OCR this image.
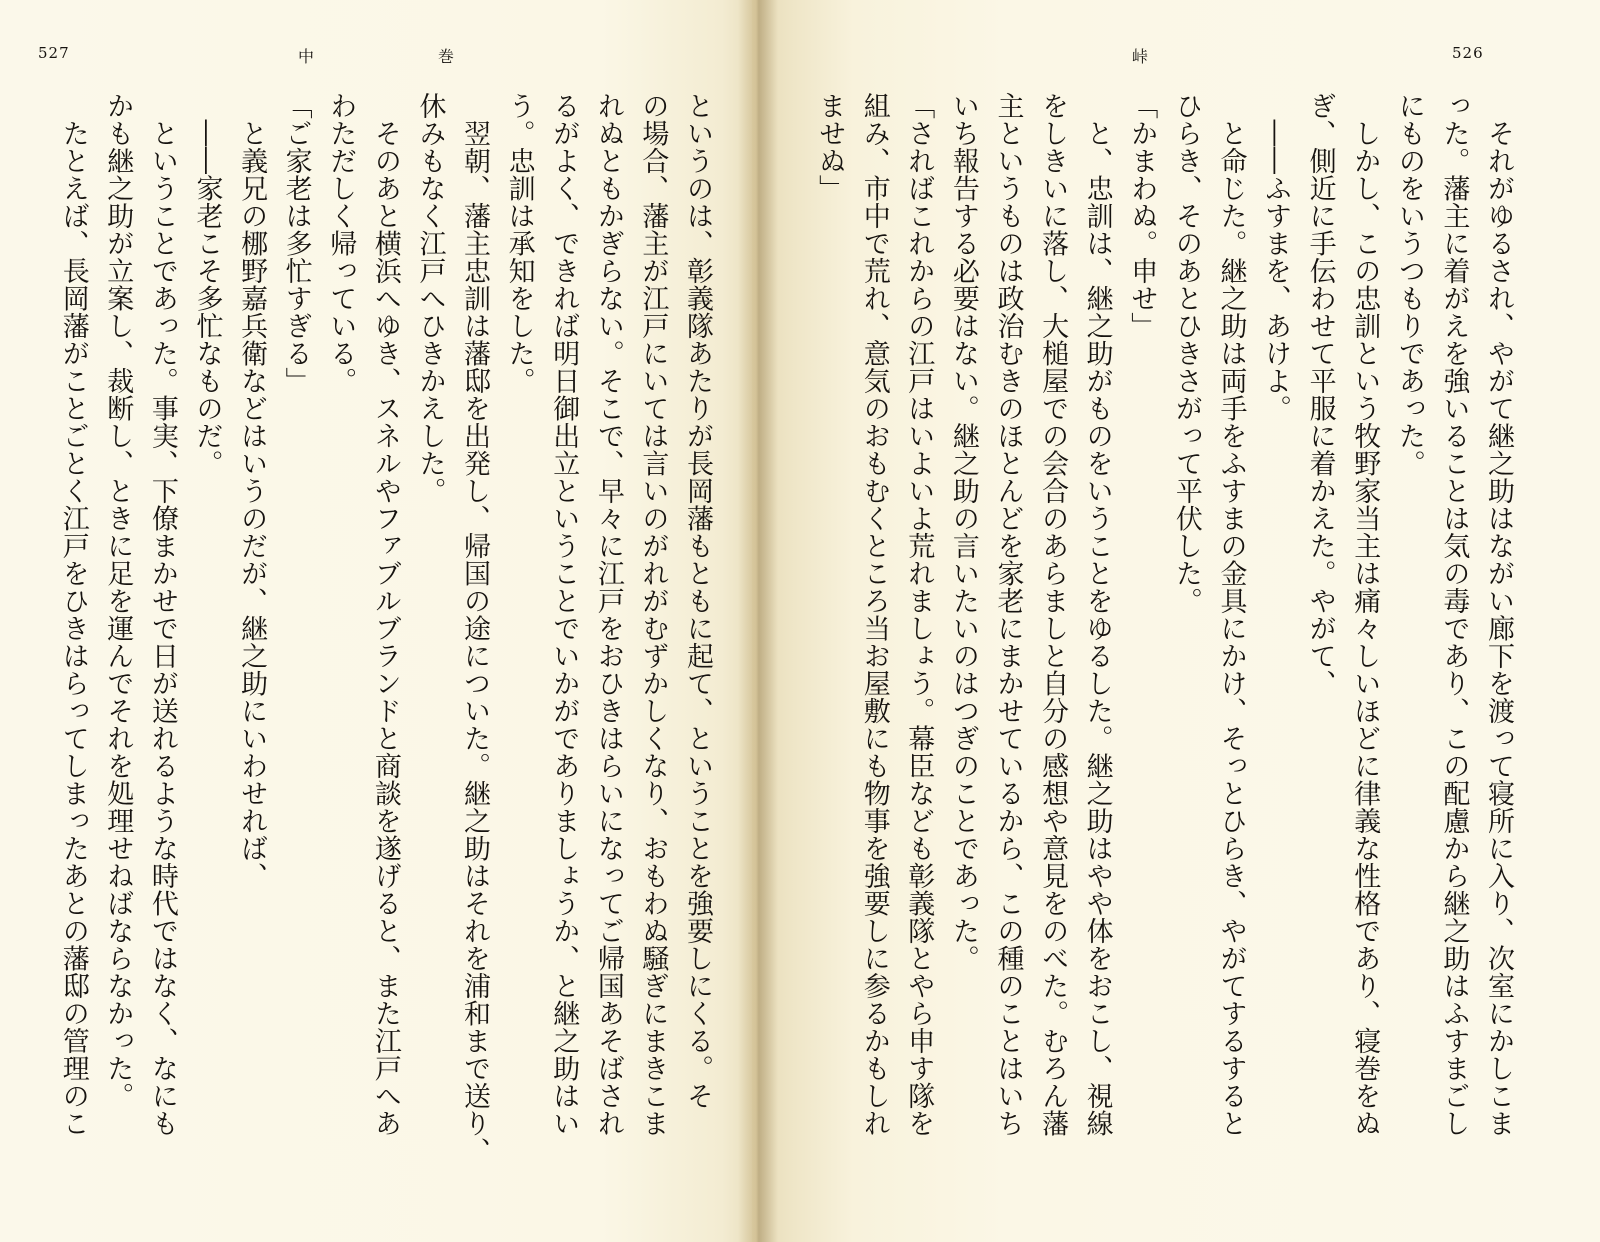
527	中	巻
というのは、彰義隊あたりが長岡藩もともに起て、ということを強要しにくる。そ
の場合、藩主が江戸にいては言いのがれがむずかしくなり、おもわぬ騒ぎにまきこま
れぬともかぎらない。そこで、早々に江戸をおひきはらいになってご帰国あそばされ
るがよく、できれば明日御出立ということでいかがでありましょうか、と継之助はい
う。忠訓は承知をした。
　翌朝、藩主忠訓は藩邸を出発し、帰国の途についた。継之助はそれを浦和まで送り、
休みもなく江戸へひきかえした。
　そのあと横浜へゆき、スネルやファブルブランドと商談を遂げると、また江戸へあ
わただしく帰っている。
「ご家老は多忙すぎる」
　と義兄の梛野嘉兵衛などはいうのだが、継之助にいわせれば、
　――家老こそ多忙なものだ。
　ということであった。事実、下僚まかせで日が送れるような時代ではなく、なにも
かも継之助が立案し、裁断し、ときに足を運んでそれを処理せねばならなかった。
　たとえば、長岡藩がことごとく江戸をひきはらってしまったあとの藩邸の管理のこ
峠	526
　それがゆるされ、やがて継之助はながい廊下を渡って寝所に入り、次室にかしこま
った。藩主に着がえを強いることは気の毒であり、この配慮から継之助はふすまごし
にものをいうつもりであった。
　しかし、この忠訓という牧野家当主は痛々しいほどに律義な性格であり、寝巻をぬ
ぎ、側近に手伝わせて平服に着かえた。やがて、
　――ふすまを、あけよ。
　と命じた。継之助は両手をふすまの金具にかけ、そっとひらき、やがてするすると
ひらき、そのあとひきさがって平伏した。
「かまわぬ。申せ」
　と、忠訓は、継之助がものをいうことをゆるした。継之助はやや体をおこし、視線
をしきいに落し、大槌屋での会合のあらましと自分の感想や意見をのべた。むろん藩
主というものは政治むきのほとんどを家老にまかせているから、この種のことはいち
いち報告する必要はない。継之助の言いたいのはつぎのことであった。
「さればこれからの江戸はいよいよ荒れましょう。幕臣なども彰義隊とやら申す隊を
組み、市中で荒れ、意気のおもむくところ当お屋敷にも物事を強要しに参るかもしれ
ませぬ」
